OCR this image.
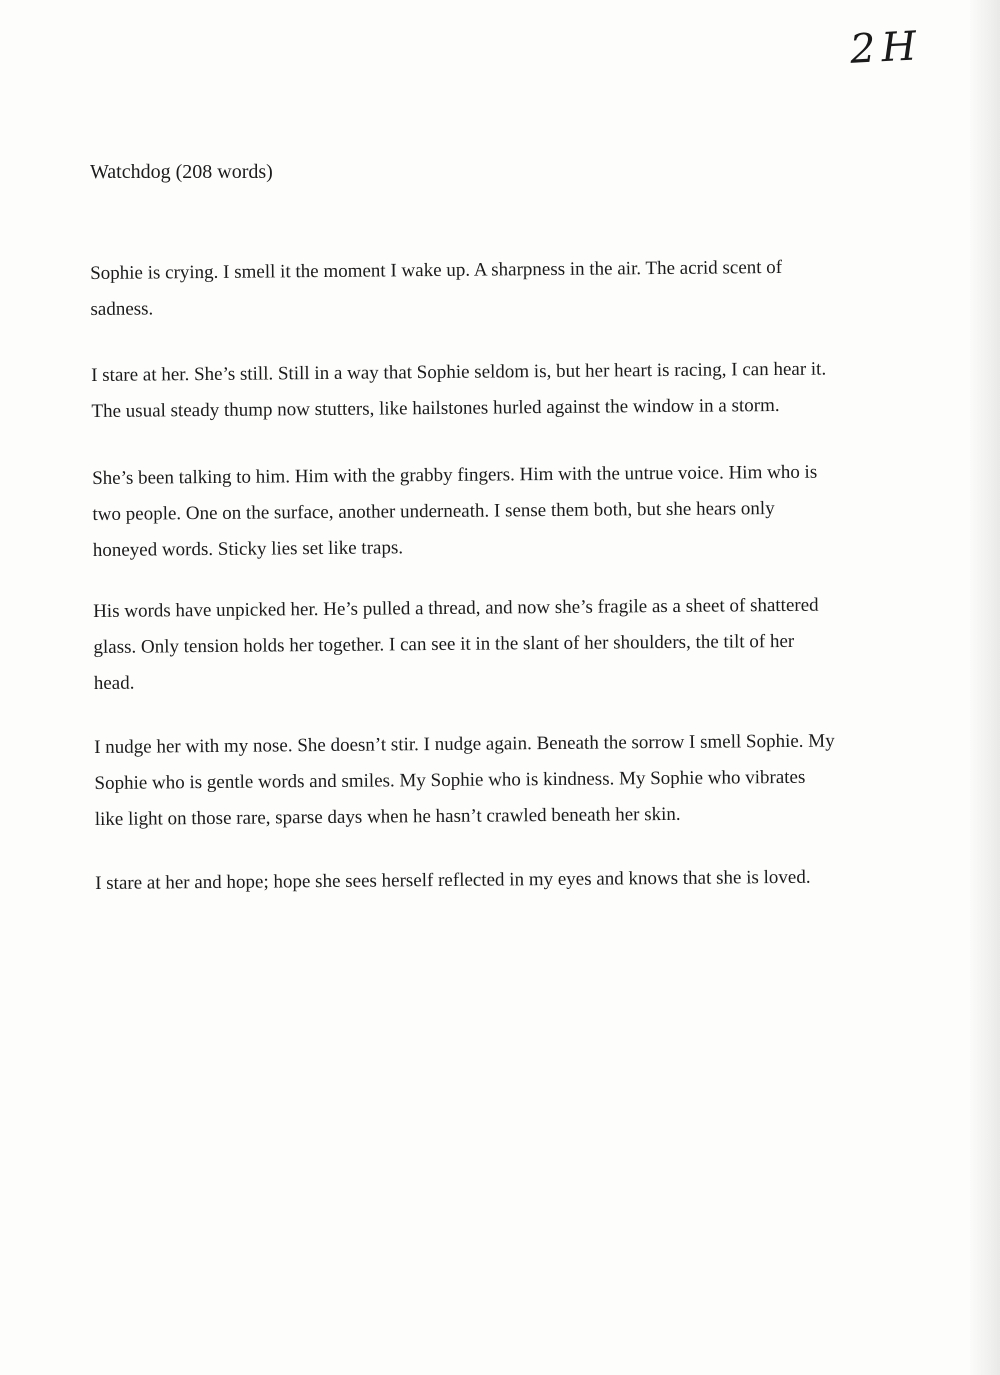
2H
Watchdog (208 words)

Sophie is crying. I smell it the moment I wake up. A sharpness in the air. The acrid scent of
sadness.

I stare at her. She’s still. Still in a way that Sophie seldom is, but her heart is racing, I can hear it.
The usual steady thump now stutters, like hailstones hurled against the window in a storm.

She’s been talking to him. Him with the grabby fingers. Him with the untrue voice. Him who is
two people. One on the surface, another underneath. I sense them both, but she hears only
honeyed words. Sticky lies set like traps.

His words have unpicked her. He’s pulled a thread, and now she’s fragile as a sheet of shattered
glass. Only tension holds her together. I can see it in the slant of her shoulders, the tilt of her
head.

I nudge her with my nose. She doesn’t stir. I nudge again. Beneath the sorrow I smell Sophie. My
Sophie who is gentle words and smiles. My Sophie who is kindness. My Sophie who vibrates
like light on those rare, sparse days when he hasn’t crawled beneath her skin.

I stare at her and hope; hope she sees herself reflected in my eyes and knows that she is loved.
